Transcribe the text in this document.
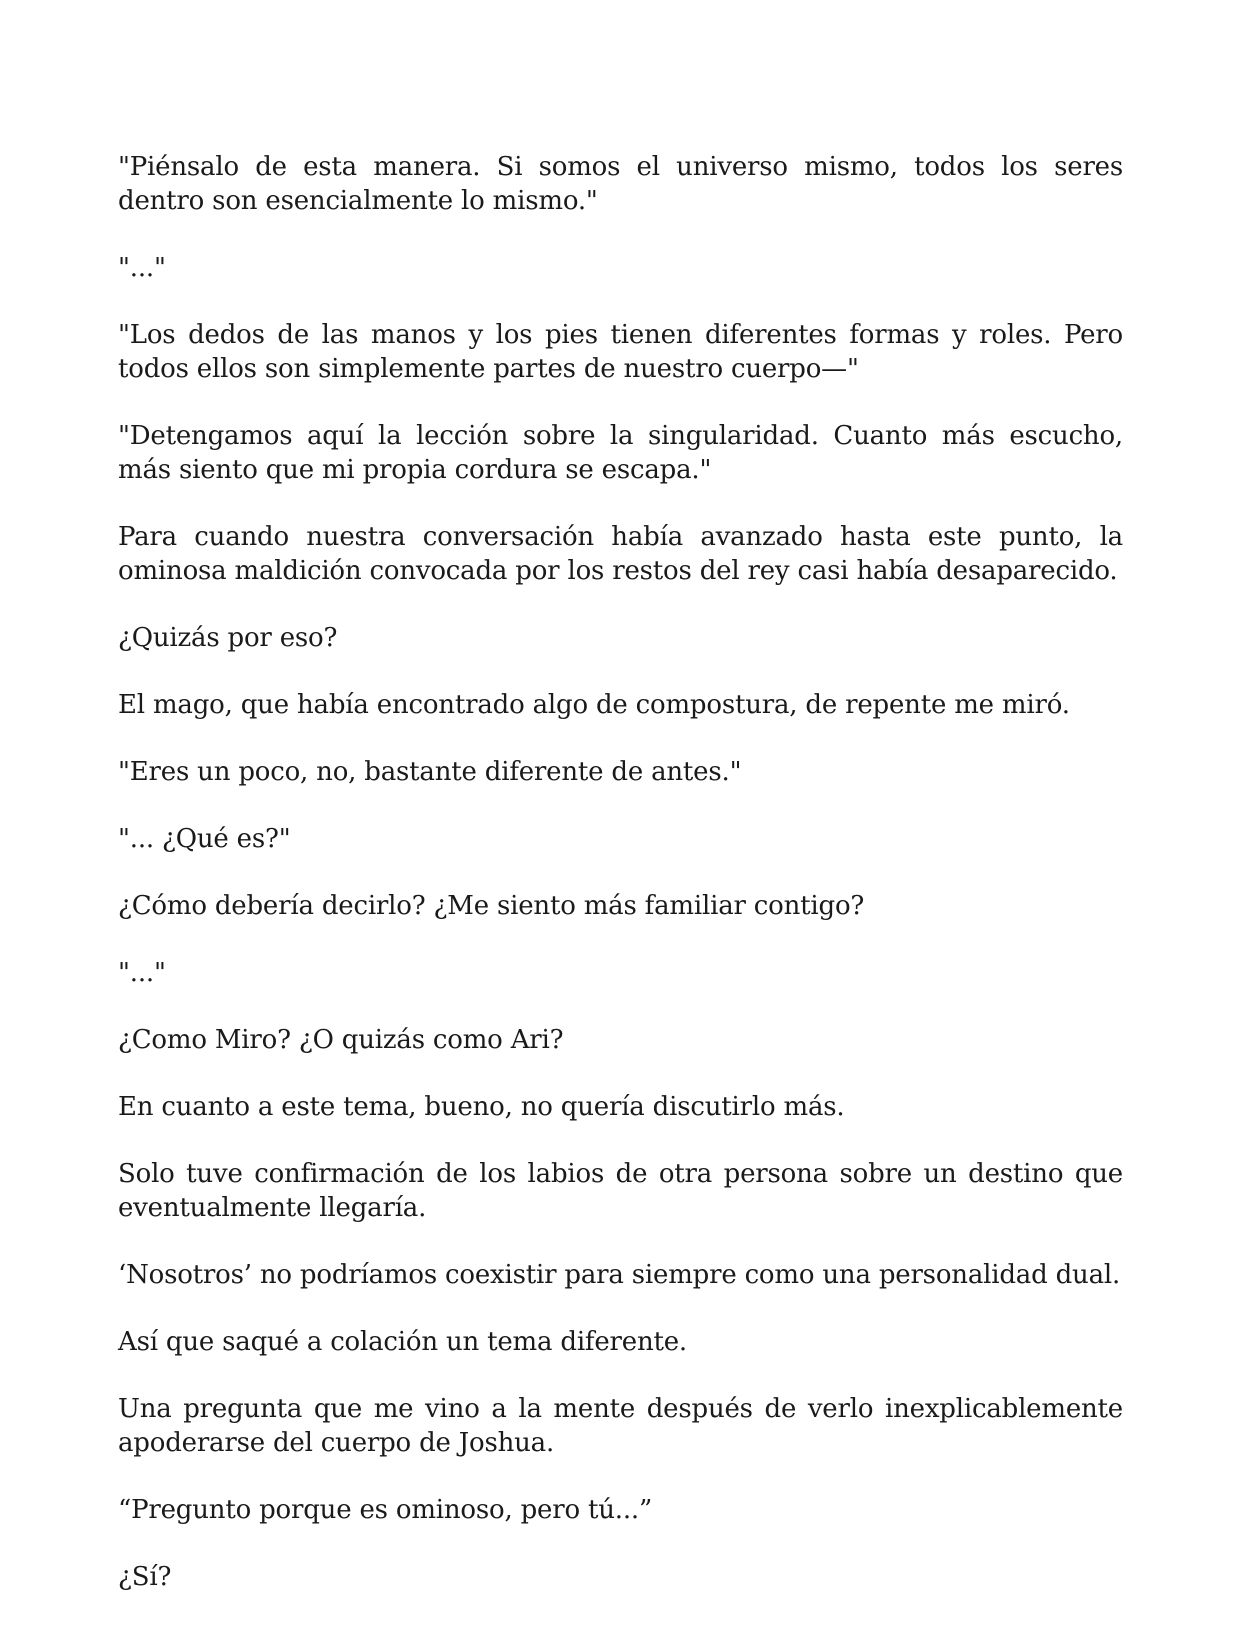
"Piénsalo de esta manera. Si somos el universo mismo, todos los seres dentro son esencialmente lo mismo."

"..."

"Los dedos de las manos y los pies tienen diferentes formas y roles. Pero todos ellos son simplemente partes de nuestro cuerpo—"

"Detengamos aquí la lección sobre la singularidad. Cuanto más escucho, más siento que mi propia cordura se escapa."

Para cuando nuestra conversación había avanzado hasta este punto, la ominosa maldición convocada por los restos del rey casi había desaparecido.

¿Quizás por eso?

El mago, que había encontrado algo de compostura, de repente me miró.

"Eres un poco, no, bastante diferente de antes."

"... ¿Qué es?"

¿Cómo debería decirlo? ¿Me siento más familiar contigo?

"..."

¿Como Miro? ¿O quizás como Ari?

En cuanto a este tema, bueno, no quería discutirlo más.

Solo tuve confirmación de los labios de otra persona sobre un destino que eventualmente llegaría.

‘Nosotros’ no podríamos coexistir para siempre como una personalidad dual.

Así que saqué a colación un tema diferente.

Una pregunta que me vino a la mente después de verlo inexplicablemente apoderarse del cuerpo de Joshua.

“Pregunto porque es ominoso, pero tú...”

¿Sí?
